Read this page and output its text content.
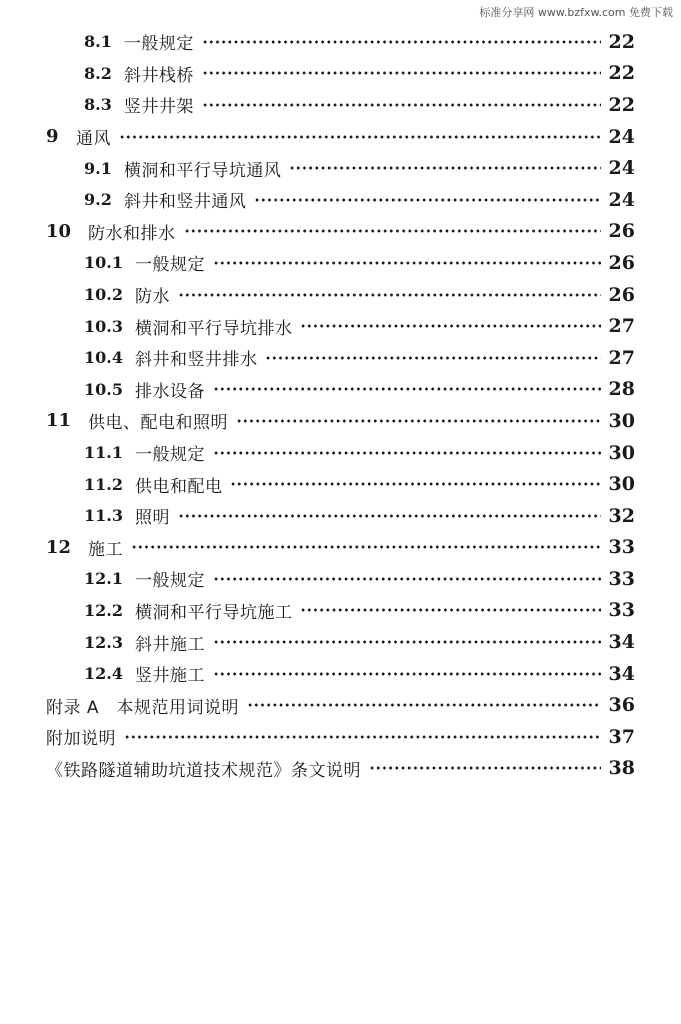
标准分享网 www.bzfxw.com 免费下载
8.1 一般规定	22
8.2 斜井栈桥	22
8.3 竖井井架	22
9	通风	24
9.1 横洞和平行导坑通风	24
9.2 斜井和竖井通风	24
10 防水和排水	26
10.1 一般规定	26
10.2 防水	26
10.3 横洞和平行导坑排水	27
10.4 斜井和竖井排水	27
10.5 排水设备	28
11 供电、配电和照明	30
11.1 一般规定	30
11.2 供电和配电	30
11.3 照明	32
12 施工	33
12.1 一般规定	33
12.2 横洞和平行导坑施工	33
12.3 斜井施工	34
12.4 竖井施工	34
附录 A　本规范用词说明	36
附加说明	37
《铁路隧道辅助坑道技术规范》条文说明	38
